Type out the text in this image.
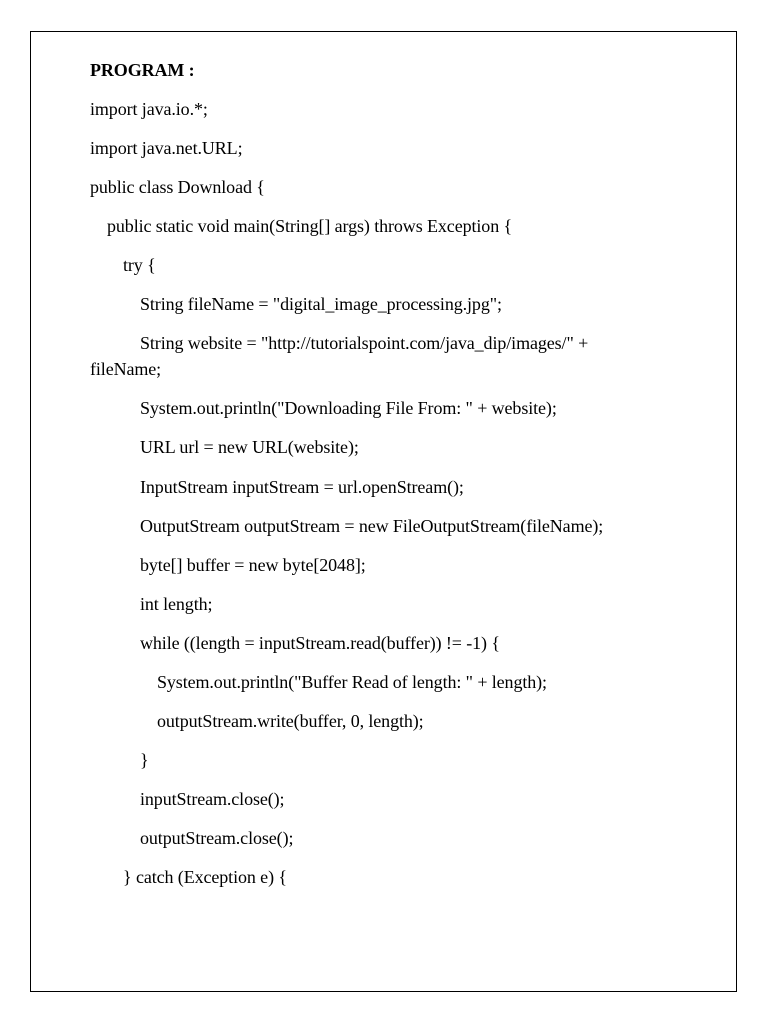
PROGRAM :
import java.io.*;
import java.net.URL;
public class Download {
public static void main(String[] args) throws Exception {
try {
String fileName = "digital_image_processing.jpg";
String website = "http://tutorialspoint.com/java_dip/images/" +
fileName;
System.out.println("Downloading File From: " + website);
URL url = new URL(website);
InputStream inputStream = url.openStream();
OutputStream outputStream = new FileOutputStream(fileName);
byte[] buffer = new byte[2048];
int length;
while ((length = inputStream.read(buffer)) != -1) {
System.out.println("Buffer Read of length: " + length);
outputStream.write(buffer, 0, length);
}
inputStream.close();
outputStream.close();
} catch (Exception e) {
